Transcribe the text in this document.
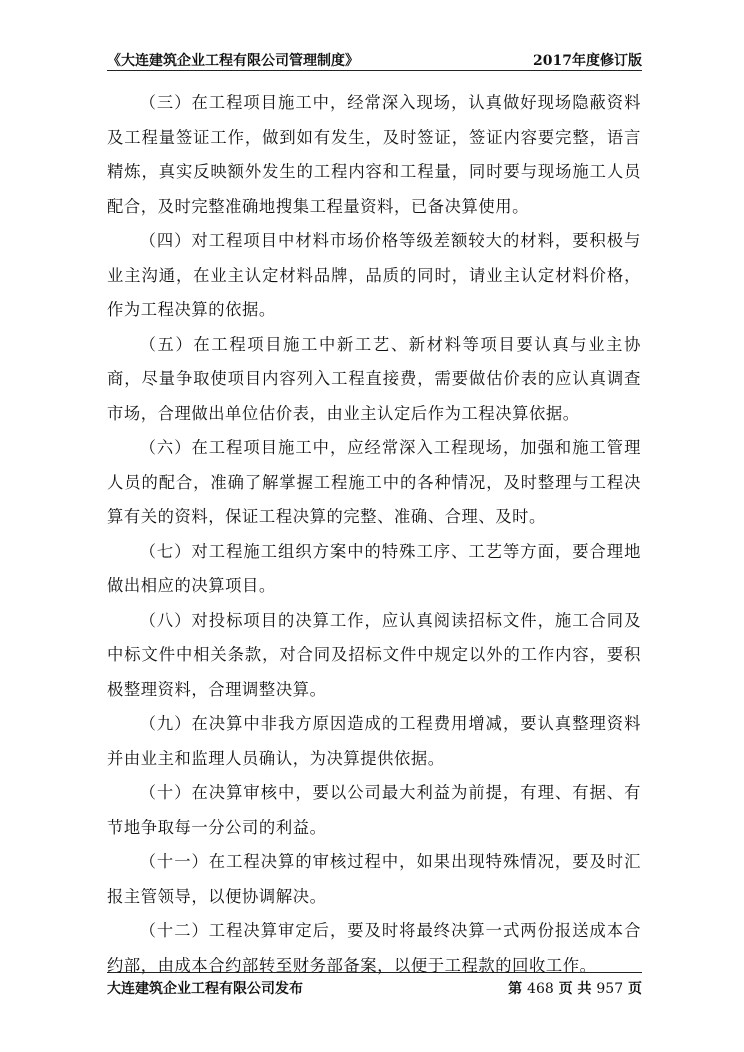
《大连建筑企业工程有限公司管理制度》	2017年度修订版

（三）在工程项目施工中，经常深入现场，认真做好现场隐蔽资料及工程量签证工作，做到如有发生，及时签证，签证内容要完整，语言精炼，真实反映额外发生的工程内容和工程量，同时要与现场施工人员配合，及时完整准确地搜集工程量资料，已备决算使用。

（四）对工程项目中材料市场价格等级差额较大的材料，要积极与业主沟通，在业主认定材料品牌，品质的同时，请业主认定材料价格，作为工程决算的依据。

（五）在工程项目施工中新工艺、新材料等项目要认真与业主协商，尽量争取使项目内容列入工程直接费，需要做估价表的应认真调查市场，合理做出单位估价表，由业主认定后作为工程决算依据。

（六）在工程项目施工中，应经常深入工程现场，加强和施工管理人员的配合，准确了解掌握工程施工中的各种情况，及时整理与工程决算有关的资料，保证工程决算的完整、准确、合理、及时。

（七）对工程施工组织方案中的特殊工序、工艺等方面，要合理地做出相应的决算项目。

（八）对投标项目的决算工作，应认真阅读招标文件，施工合同及中标文件中相关条款，对合同及招标文件中规定以外的工作内容，要积极整理资料，合理调整决算。

（九）在决算中非我方原因造成的工程费用增减，要认真整理资料并由业主和监理人员确认，为决算提供依据。

（十）在决算审核中，要以公司最大利益为前提，有理、有据、有节地争取每一分公司的利益。

（十一）在工程决算的审核过程中，如果出现特殊情况，要及时汇报主管领导，以便协调解决。

（十二）工程决算审定后，要及时将最终决算一式两份报送成本合约部，由成本合约部转至财务部备案，以便于工程款的回收工作。

大连建筑企业工程有限公司发布	第 468 页 共 957 页
